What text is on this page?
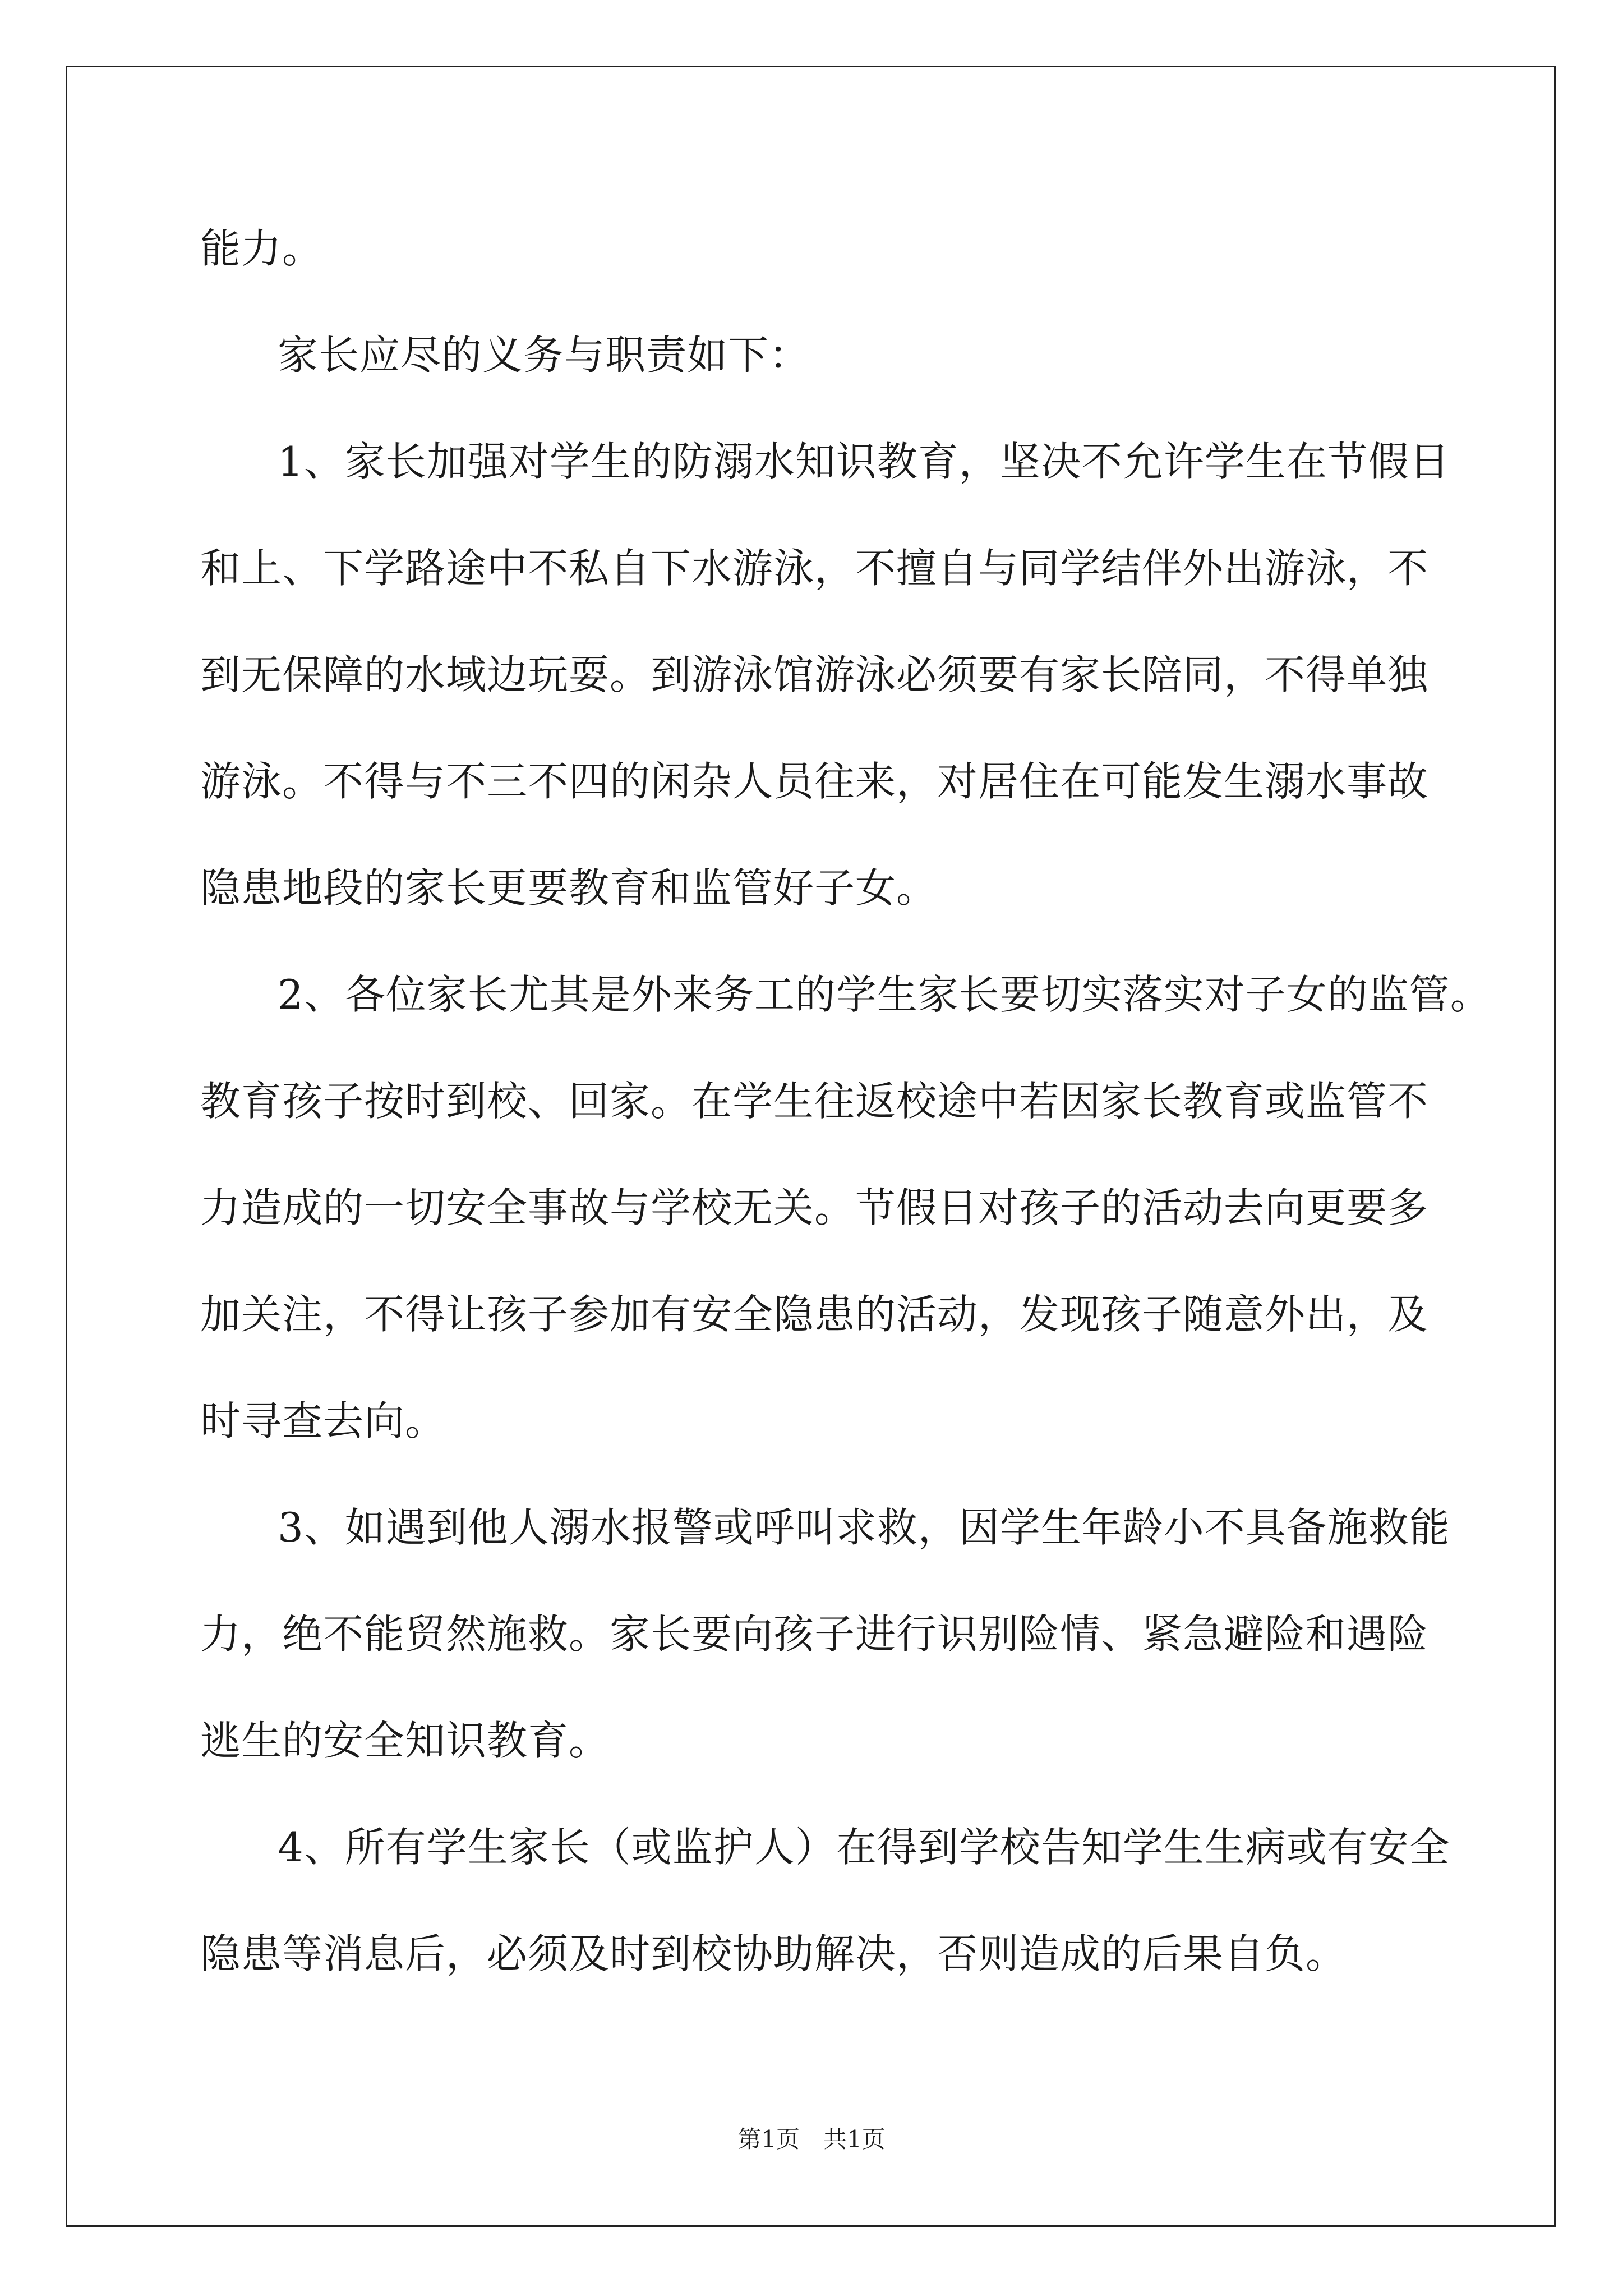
能力。
家长应尽的义务与职责如下：
1、家长加强对学生的防溺水知识教育，坚决不允许学生在节假日
和上、下学路途中不私自下水游泳，不擅自与同学结伴外出游泳，不
到无保障的水域边玩耍。到游泳馆游泳必须要有家长陪同，不得单独
游泳。不得与不三不四的闲杂人员往来，对居住在可能发生溺水事故
隐患地段的家长更要教育和监管好子女。
2、各位家长尤其是外来务工的学生家长要切实落实对子女的监管。
教育孩子按时到校、回家。在学生往返校途中若因家长教育或监管不
力造成的一切安全事故与学校无关。节假日对孩子的活动去向更要多
加关注，不得让孩子参加有安全隐患的活动，发现孩子随意外出，及
时寻查去向。
3、如遇到他人溺水报警或呼叫求救，因学生年龄小不具备施救能
力，绝不能贸然施救。家长要向孩子进行识别险情、紧急避险和遇险
逃生的安全知识教育。
4、所有学生家长（或监护人）在得到学校告知学生生病或有安全
隐患等消息后，必须及时到校协助解决，否则造成的后果自负。
第1页　共1页
